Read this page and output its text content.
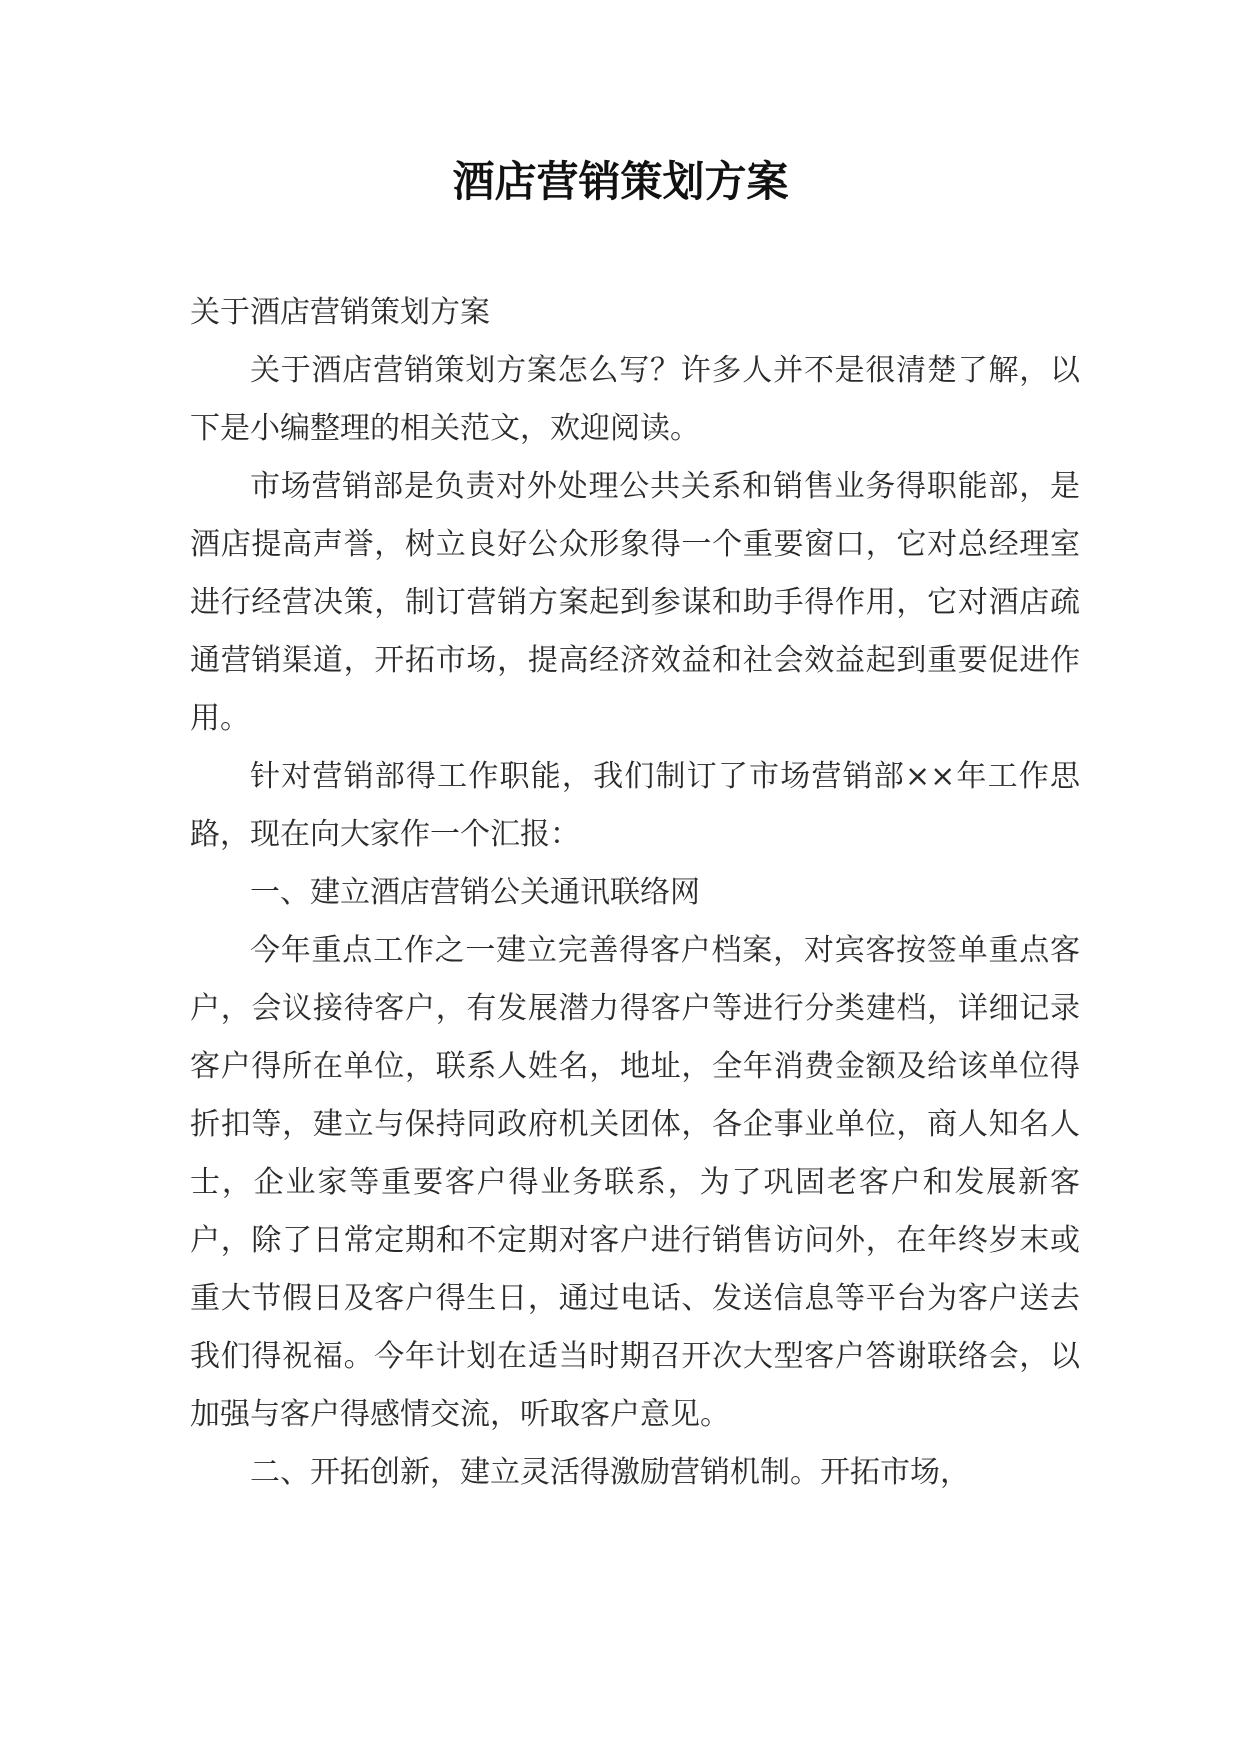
酒店营销策划方案

关于酒店营销策划方案

关于酒店营销策划方案怎么写？许多人并不是很清楚了解，以下是小编整理的相关范文，欢迎阅读。

市场营销部是负责对外处理公共关系和销售业务得职能部，是酒店提高声誉，树立良好公众形象得一个重要窗口，它对总经理室进行经营决策，制订营销方案起到参谋和助手得作用，它对酒店疏通营销渠道，开拓市场，提高经济效益和社会效益起到重要促进作用。

针对营销部得工作职能，我们制订了市场营销部××年工作思路，现在向大家作一个汇报：

一、建立酒店营销公关通讯联络网

今年重点工作之一建立完善得客户档案，对宾客按签单重点客户，会议接待客户，有发展潜力得客户等进行分类建档，详细记录客户得所在单位，联系人姓名，地址，全年消费金额及给该单位得折扣等，建立与保持同政府机关团体，各企事业单位，商人知名人士，企业家等重要客户得业务联系，为了巩固老客户和发展新客户，除了日常定期和不定期对客户进行销售访问外，在年终岁末或重大节假日及客户得生日，通过电话、发送信息等平台为客户送去我们得祝福。今年计划在适当时期召开次大型客户答谢联络会，以加强与客户得感情交流，听取客户意见。

二、开拓创新，建立灵活得激励营销机制。开拓市场，
